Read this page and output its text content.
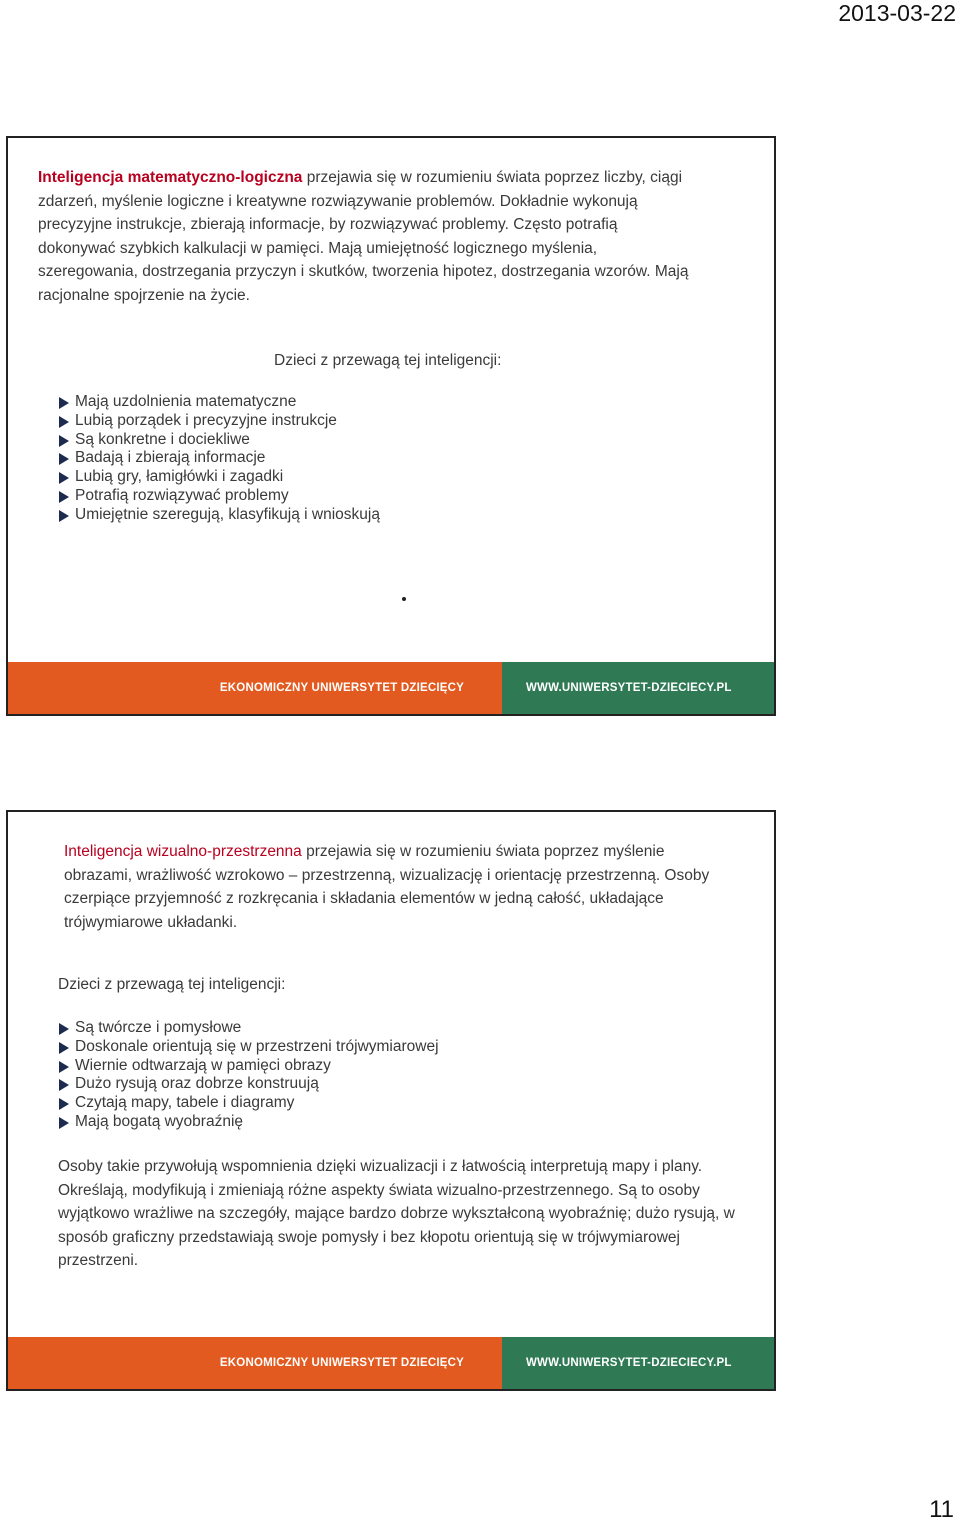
2013-03-22

Inteligencja matematyczno-logiczna przejawia się w rozumieniu świata poprzez liczby, ciągi zdarzeń, myślenie logiczne i kreatywne rozwiązywanie problemów. Dokładnie wykonują precyzyjne instrukcje, zbierają informacje, by rozwiązywać problemy. Często potrafią dokonywać szybkich kalkulacji w pamięci. Mają umiejętność logicznego myślenia, szeregowania, dostrzegania przyczyn i skutków, tworzenia hipotez, dostrzegania wzorów. Mają racjonalne spojrzenie na życie.

Dzieci z przewagą tej inteligencji:
Mają uzdolnienia matematyczne
Lubią porządek i precyzyjne instrukcje
Są konkretne i dociekliwe
Badają i zbierają informacje
Lubią gry, łamigłówki i zagadki
Potrafią rozwiązywać problemy
Umiejętnie szeregują, klasyfikują i wnioskują
EKONOMICZNY UNIWERSYTET DZIECIĘCY	WWW.UNIWERSYTET-DZIECIECY.PL

Inteligencja wizualno-przestrzenna przejawia się w rozumieniu świata poprzez myślenie obrazami, wrażliwość wzrokowo – przestrzenną, wizualizację i orientację przestrzenną. Osoby czerpiące przyjemność z rozkręcania i składania elementów w jedną całość, układające trójwymiarowe układanki.

Dzieci z przewagą tej inteligencji:
Są twórcze i pomysłowe
Doskonale orientują się w przestrzeni trójwymiarowej
Wiernie odtwarzają w pamięci obrazy
Dużo rysują oraz dobrze konstruują
Czytają mapy, tabele i diagramy
Mają bogatą wyobraźnię

Osoby takie przywołują wspomnienia dzięki wizualizacji i z łatwością interpretują mapy i plany. Określają, modyfikują i zmieniają różne aspekty świata wizualno-przestrzennego. Są to osoby wyjątkowo wrażliwe na szczegóły, mające bardzo dobrze wykształconą wyobraźnię; dużo rysują, w sposób graficzny przedstawiają swoje pomysły i bez kłopotu orientują się w trójwymiarowej przestrzeni.

EKONOMICZNY UNIWERSYTET DZIECIĘCY	WWW.UNIWERSYTET-DZIECIECY.PL
11
